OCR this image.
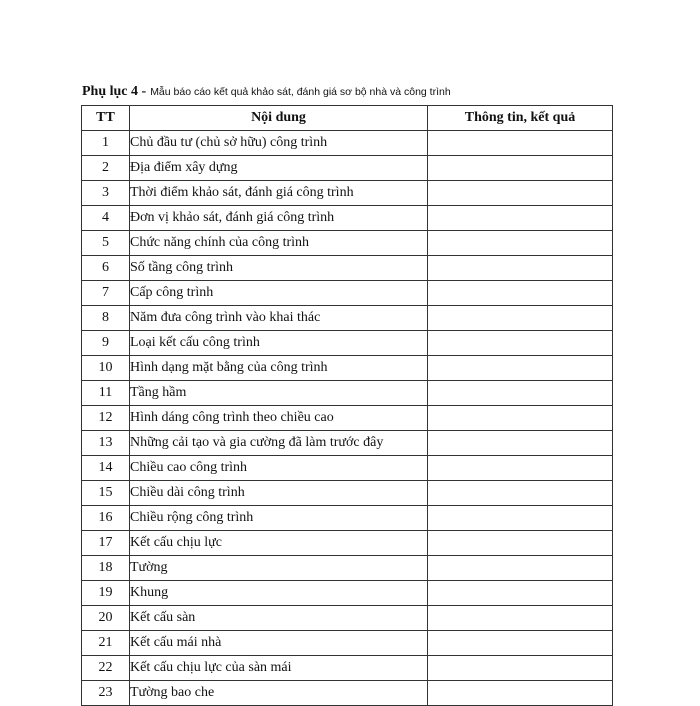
Phụ lục 4 - Mẫu báo cáo kết quả khảo sát, đánh giá sơ bộ nhà và công trình
TT	Nội dung	Thông tin, kết quả
1	Chủ đầu tư (chủ sở hữu) công trình	
2	Địa điểm xây dựng	
3	Thời điểm khảo sát, đánh giá công trình	
4	Đơn vị khảo sát, đánh giá công trình	
5	Chức năng chính của công trình	
6	Số tầng công trình	
7	Cấp công trình	
8	Năm đưa công trình vào khai thác	
9	Loại kết cấu công trình	
10	Hình dạng mặt bằng của công trình	
11	Tầng hầm	
12	Hình dáng công trình theo chiều cao	
13	Những cải tạo và gia cường đã làm trước đây	
14	Chiều cao công trình	
15	Chiều dài công trình	
16	Chiều rộng công trình	
17	Kết cấu chịu lực	
18	Tường	
19	Khung	
20	Kết cấu sàn	
21	Kết cấu mái nhà	
22	Kết cấu chịu lực của sàn mái	
23	Tường bao che	
